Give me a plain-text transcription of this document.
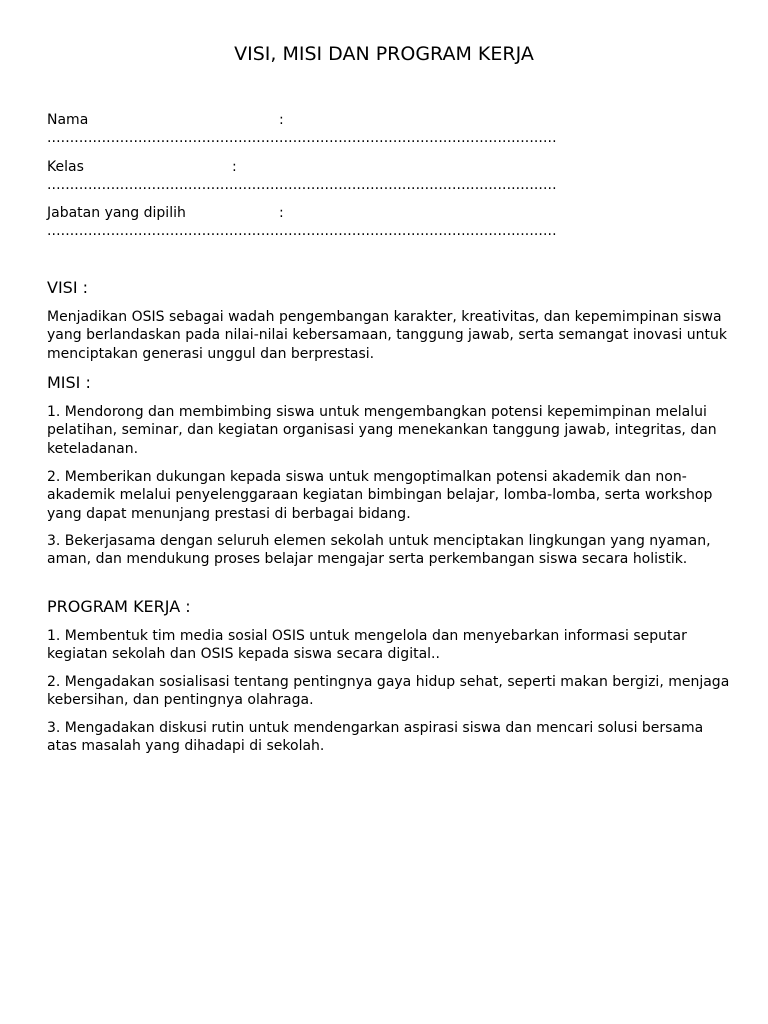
VISI, MISI DAN PROGRAM KERJA
Nama	:
................................................................................................................
Kelas	:
................................................................................................................
Jabatan yang dipilih	:
................................................................................................................
VISI :

Menjadikan OSIS sebagai wadah pengembangan karakter, kreativitas, dan kepemimpinan siswa yang berlandaskan pada nilai-nilai kebersamaan, tanggung jawab, serta semangat inovasi untuk menciptakan generasi unggul dan berprestasi.

MISI :

1. Mendorong dan membimbing siswa untuk mengembangkan potensi kepemimpinan melalui pelatihan, seminar, dan kegiatan organisasi yang menekankan tanggung jawab, integritas, dan keteladanan.

2. Memberikan dukungan kepada siswa untuk mengoptimalkan potensi akademik dan non-akademik melalui penyelenggaraan kegiatan bimbingan belajar, lomba-lomba, serta workshop yang dapat menunjang prestasi di berbagai bidang.

3. Bekerjasama dengan seluruh elemen sekolah untuk menciptakan lingkungan yang nyaman, aman, dan mendukung proses belajar mengajar serta perkembangan siswa secara holistik.

PROGRAM KERJA :

1. Membentuk tim media sosial OSIS untuk mengelola dan menyebarkan informasi seputar kegiatan sekolah dan OSIS kepada siswa secara digital..

2. Mengadakan sosialisasi tentang pentingnya gaya hidup sehat, seperti makan bergizi, menjaga kebersihan, dan pentingnya olahraga.

3. Mengadakan diskusi rutin untuk mendengarkan aspirasi siswa dan mencari solusi bersama atas masalah yang dihadapi di sekolah.
